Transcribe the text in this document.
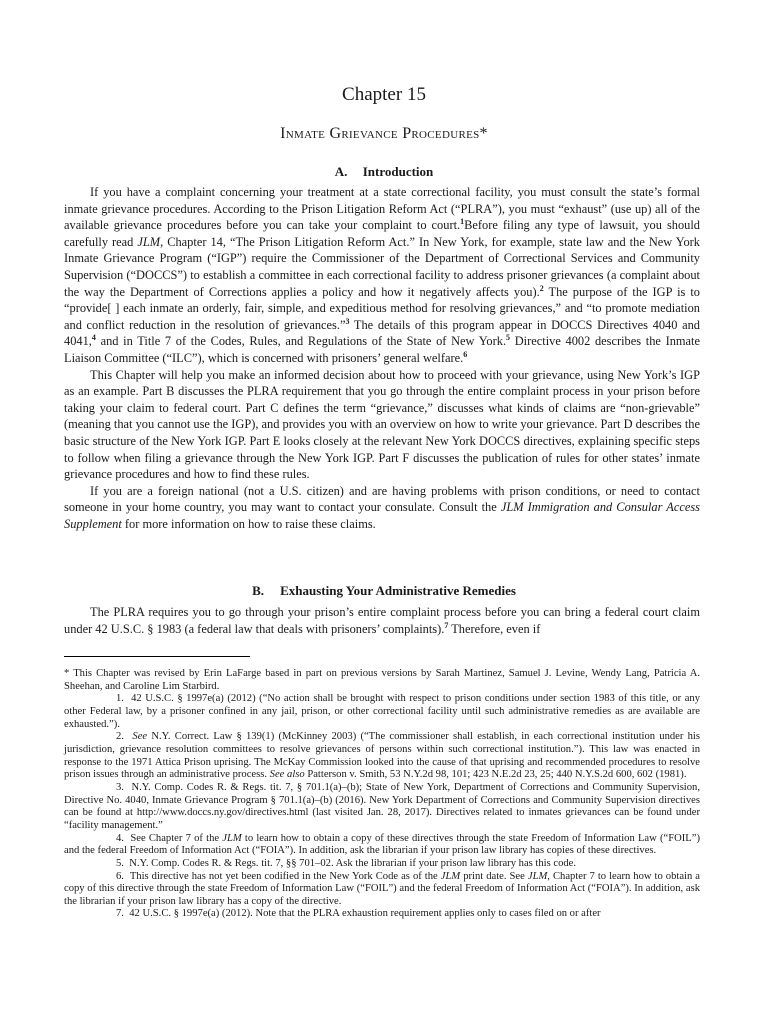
Chapter 15
Inmate Grievance Procedures*
A. Introduction

If you have a complaint concerning your treatment at a state correctional facility, you must consult the state’s formal inmate grievance procedures. According to the Prison Litigation Reform Act (“PLRA”), you must “exhaust” (use up) all of the available grievance procedures before you can take your complaint to court.$^1$Before filing any type of lawsuit, you should carefully read JLM, Chapter 14, “The Prison Litigation Reform Act.” In New York, for example, state law and the New York Inmate Grievance Program (“IGP”) require the Commissioner of the Department of Correctional Services and Community Supervision (“DOCCS”) to establish a committee in each correctional facility to address prisoner grievances (a complaint about the way the Department of Corrections applies a policy and how it negatively affects you).$^2$ The purpose of the IGP is to “provide[ ] each inmate an orderly, fair, simple, and expeditious method for resolving grievances,” and “to promote mediation and conflict reduction in the resolution of grievances.”$^3$ The details of this program appear in DOCCS Directives 4040 and 4041,$^4$ and in Title 7 of the Codes, Rules, and Regulations of the State of New York.$^5$ Directive 4002 describes the Inmate Liaison Committee (“ILC”), which is concerned with prisoners’ general welfare.$^6$

This Chapter will help you make an informed decision about how to proceed with your grievance, using New York’s IGP as an example. Part B discusses the PLRA requirement that you go through the entire complaint process in your prison before taking your claim to federal court. Part C defines the term “grievance,” discusses what kinds of claims are “non-grievable” (meaning that you cannot use the IGP), and provides you with an overview on how to write your grievance. Part D describes the basic structure of the New York IGP. Part E looks closely at the relevant New York DOCCS directives, explaining specific steps to follow when filing a grievance through the New York IGP. Part F discusses the publication of rules for other states’ inmate grievance procedures and how to find these rules.

If you are a foreign national (not a U.S. citizen) and are having problems with prison conditions, or need to contact someone in your home country, you may want to contact your consulate. Consult the JLM Immigration and Consular Access Supplement for more information on how to raise these claims.

B. Exhausting Your Administrative Remedies

The PLRA requires you to go through your prison’s entire complaint process before you can bring a federal court claim under 42 U.S.C. § 1983 (a federal law that deals with prisoners’ complaints).$^7$ Therefore, even if

* This Chapter was revised by Erin LaFarge based in part on previous versions by Sarah Martinez, Samuel J. Levine, Wendy Lang, Patricia A. Sheehan, and Caroline Lim Starbird.

1. 42 U.S.C. § 1997e(a) (2012) (“No action shall be brought with respect to prison conditions under section 1983 of this title, or any other Federal law, by a prisoner confined in any jail, prison, or other correctional facility until such administrative remedies as are available are exhausted.”).

2. See N.Y. Correct. Law § 139(1) (McKinney 2003) (“The commissioner shall establish, in each correctional institution under his jurisdiction, grievance resolution committees to resolve grievances of persons within such correctional institution.”). This law was enacted in response to the 1971 Attica Prison uprising. The McKay Commission looked into the cause of that uprising and recommended procedures to resolve prison issues through an administrative process. See also Patterson v. Smith, 53 N.Y.2d 98, 101; 423 N.E.2d 23, 25; 440 N.Y.S.2d 600, 602 (1981).

3. N.Y. Comp. Codes R. & Regs. tit. 7, § 701.1(a)–(b); State of New York, Department of Corrections and Community Supervision, Directive No. 4040, Inmate Grievance Program § 701.1(a)–(b) (2016). New York Department of Corrections and Community Supervision directives can be found at http://www.doccs.ny.gov/directives.html (last visited Jan. 28, 2017). Directives related to inmates grievances can be found under “facility management.”

4. See Chapter 7 of the JLM to learn how to obtain a copy of these directives through the state Freedom of Information Law (“FOIL”) and the federal Freedom of Information Act (“FOIA”). In addition, ask the librarian if your prison law library has copies of these directives.

5. N.Y. Comp. Codes R. & Regs. tit. 7, §§ 701–02. Ask the librarian if your prison law library has this code.

6. This directive has not yet been codified in the New York Code as of the JLM print date. See JLM, Chapter 7 to learn how to obtain a copy of this directive through the state Freedom of Information Law (“FOIL”) and the federal Freedom of Information Act (“FOIA”). In addition, ask the librarian if your prison law library has a copy of the directive.

7. 42 U.S.C. § 1997e(a) (2012). Note that the PLRA exhaustion requirement applies only to cases filed on or after
